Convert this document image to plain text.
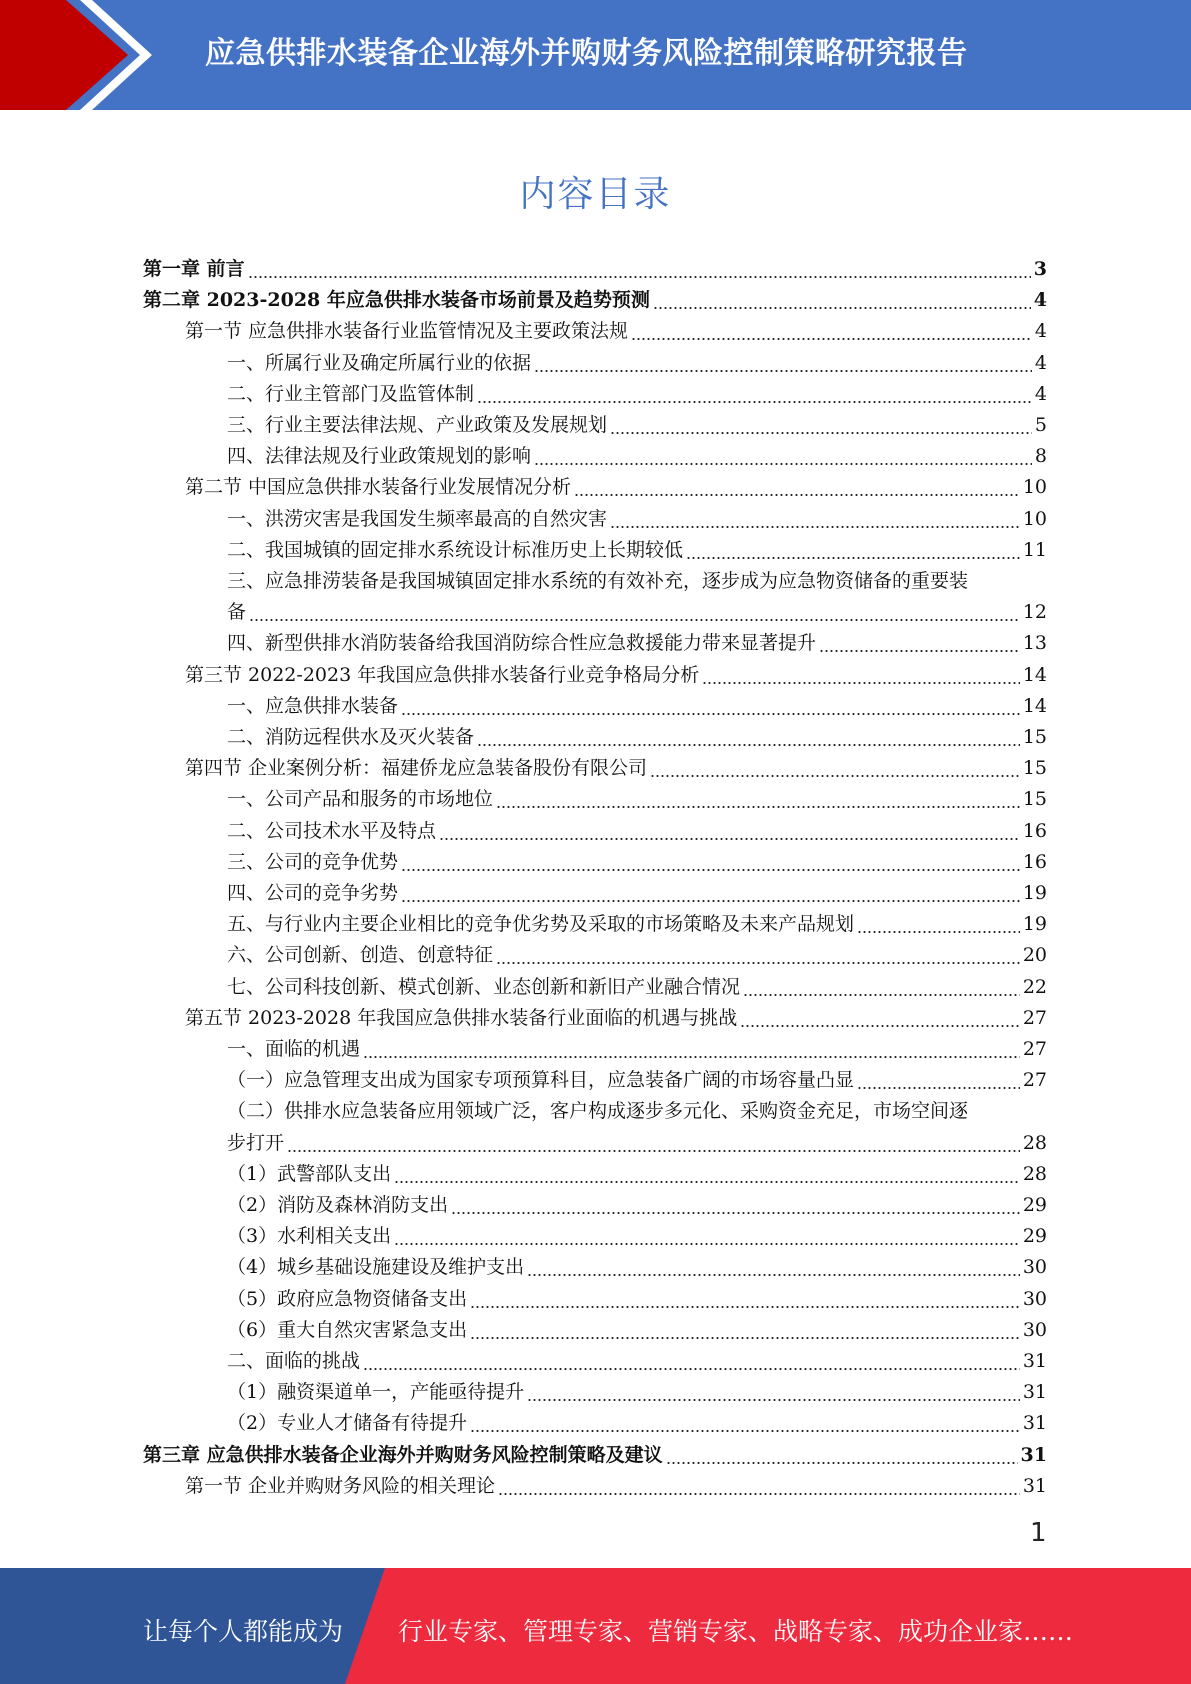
应急供排水装备企业海外并购财务风险控制策略研究报告
内容目录
第一章 前言	3
第二章 2023-2028 年应急供排水装备市场前景及趋势预测	4
第一节 应急供排水装备行业监管情况及主要政策法规	4
一、所属行业及确定所属行业的依据	4
二、行业主管部门及监管体制	4
三、行业主要法律法规、产业政策及发展规划	5
四、法律法规及行业政策规划的影响	8
第二节 中国应急供排水装备行业发展情况分析	10
一、洪涝灾害是我国发生频率最高的自然灾害	10
二、我国城镇的固定排水系统设计标准历史上长期较低	11
三、应急排涝装备是我国城镇固定排水系统的有效补充，逐步成为应急物资储备的重要装
备	12
四、新型供排水消防装备给我国消防综合性应急救援能力带来显著提升	13
第三节 2022-2023 年我国应急供排水装备行业竞争格局分析	14
一、应急供排水装备	14
二、消防远程供水及灭火装备	15
第四节 企业案例分析：福建侨龙应急装备股份有限公司	15
一、公司产品和服务的市场地位	15
二、公司技术水平及特点	16
三、公司的竞争优势	16
四、公司的竞争劣势	19
五、与行业内主要企业相比的竞争优劣势及采取的市场策略及未来产品规划	19
六、公司创新、创造、创意特征	20
七、公司科技创新、模式创新、业态创新和新旧产业融合情况	22
第五节 2023-2028 年我国应急供排水装备行业面临的机遇与挑战	27
一、面临的机遇	27
（一）应急管理支出成为国家专项预算科目，应急装备广阔的市场容量凸显	27
（二）供排水应急装备应用领域广泛，客户构成逐步多元化、采购资金充足，市场空间逐
步打开	28
（1）武警部队支出	28
（2）消防及森林消防支出	29
（3）水利相关支出	29
（4）城乡基础设施建设及维护支出	30
（5）政府应急物资储备支出	30
（6）重大自然灾害紧急支出	30
二、面临的挑战	31
（1）融资渠道单一，产能亟待提升	31
（2）专业人才储备有待提升	31
第三章 应急供排水装备企业海外并购财务风险控制策略及建议	31
第一节 企业并购财务风险的相关理论	31
1
让每个人都能成为 行业专家、管理专家、营销专家、战略专家、成功企业家……
